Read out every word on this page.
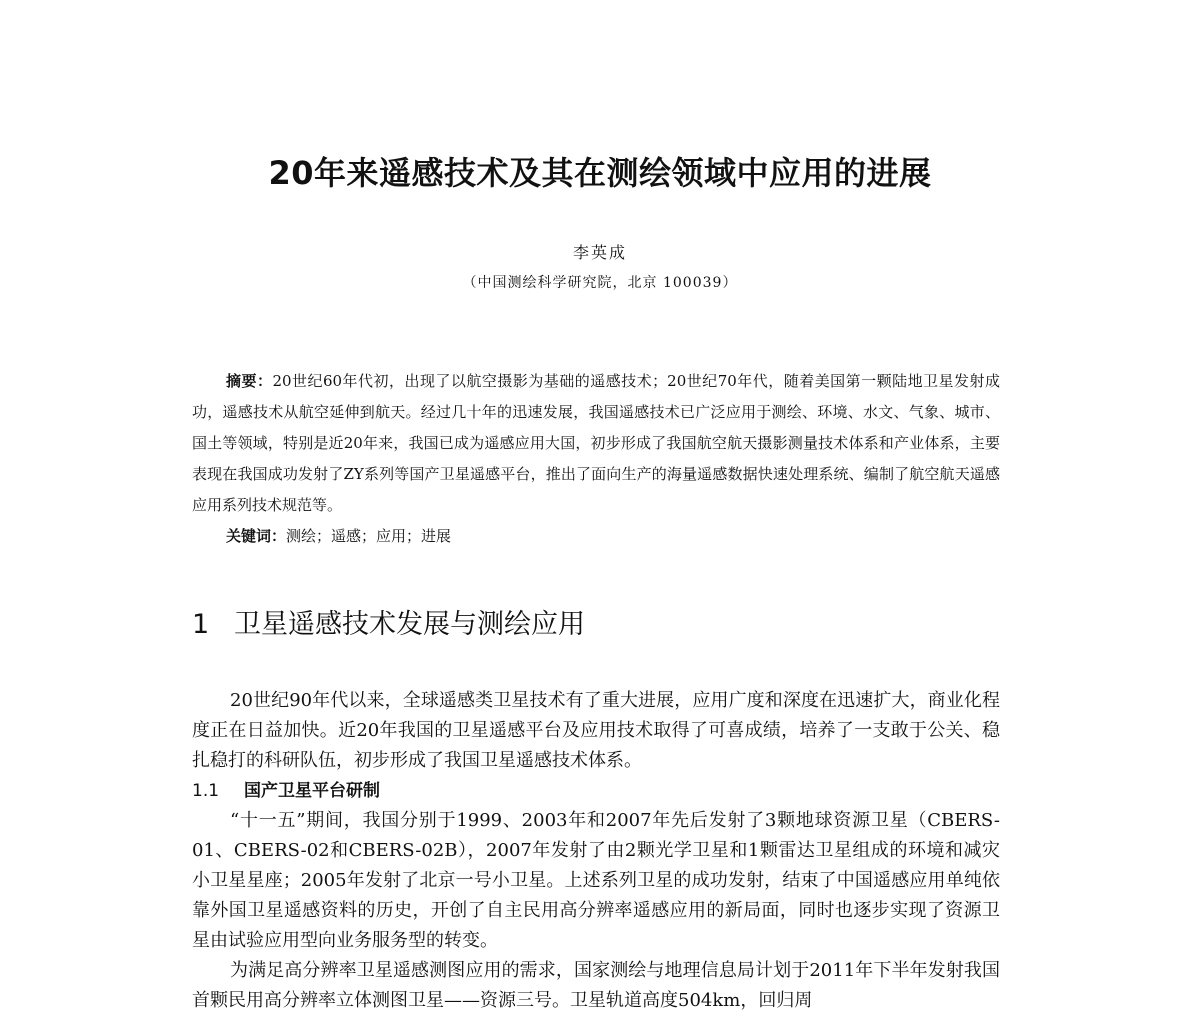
20年来遥感技术及其在测绘领域中应用的进展
李英成
（中国测绘科学研究院，北京 100039）

摘要：20世纪60年代初，出现了以航空摄影为基础的遥感技术；20世纪70年代，随着美国第一颗陆地卫星发射成功，遥感技术从航空延伸到航天。经过几十年的迅速发展，我国遥感技术已广泛应用于测绘、环境、水文、气象、城市、国土等领域，特别是近20年来，我国已成为遥感应用大国，初步形成了我国航空航天摄影测量技术体系和产业体系，主要表现在我国成功发射了ZY系列等国产卫星遥感平台，推出了面向生产的海量遥感数据快速处理系统、编制了航空航天遥感应用系列技术规范等。

关键词：测绘；遥感；应用；进展

1 卫星遥感技术发展与测绘应用

20世纪90年代以来，全球遥感类卫星技术有了重大进展，应用广度和深度在迅速扩大，商业化程度正在日益加快。近20年我国的卫星遥感平台及应用技术取得了可喜成绩，培养了一支敢于公关、稳扎稳打的科研队伍，初步形成了我国卫星遥感技术体系。

1.1 国产卫星平台研制

“十一五”期间，我国分别于1999、2003年和2007年先后发射了3颗地球资源卫星（CBERS-01、CBERS-02和CBERS-02B），2007年发射了由2颗光学卫星和1颗雷达卫星组成的环境和减灾小卫星星座；2005年发射了北京一号小卫星。上述系列卫星的成功发射，结束了中国遥感应用单纯依靠外国卫星遥感资料的历史，开创了自主民用高分辨率遥感应用的新局面，同时也逐步实现了资源卫星由试验应用型向业务服务型的转变。

为满足高分辨率卫星遥感测图应用的需求，国家测绘与地理信息局计划于2011年下半年发射我国首颗民用高分辨率立体测图卫星——资源三号。卫星轨道高度504km，回归周
